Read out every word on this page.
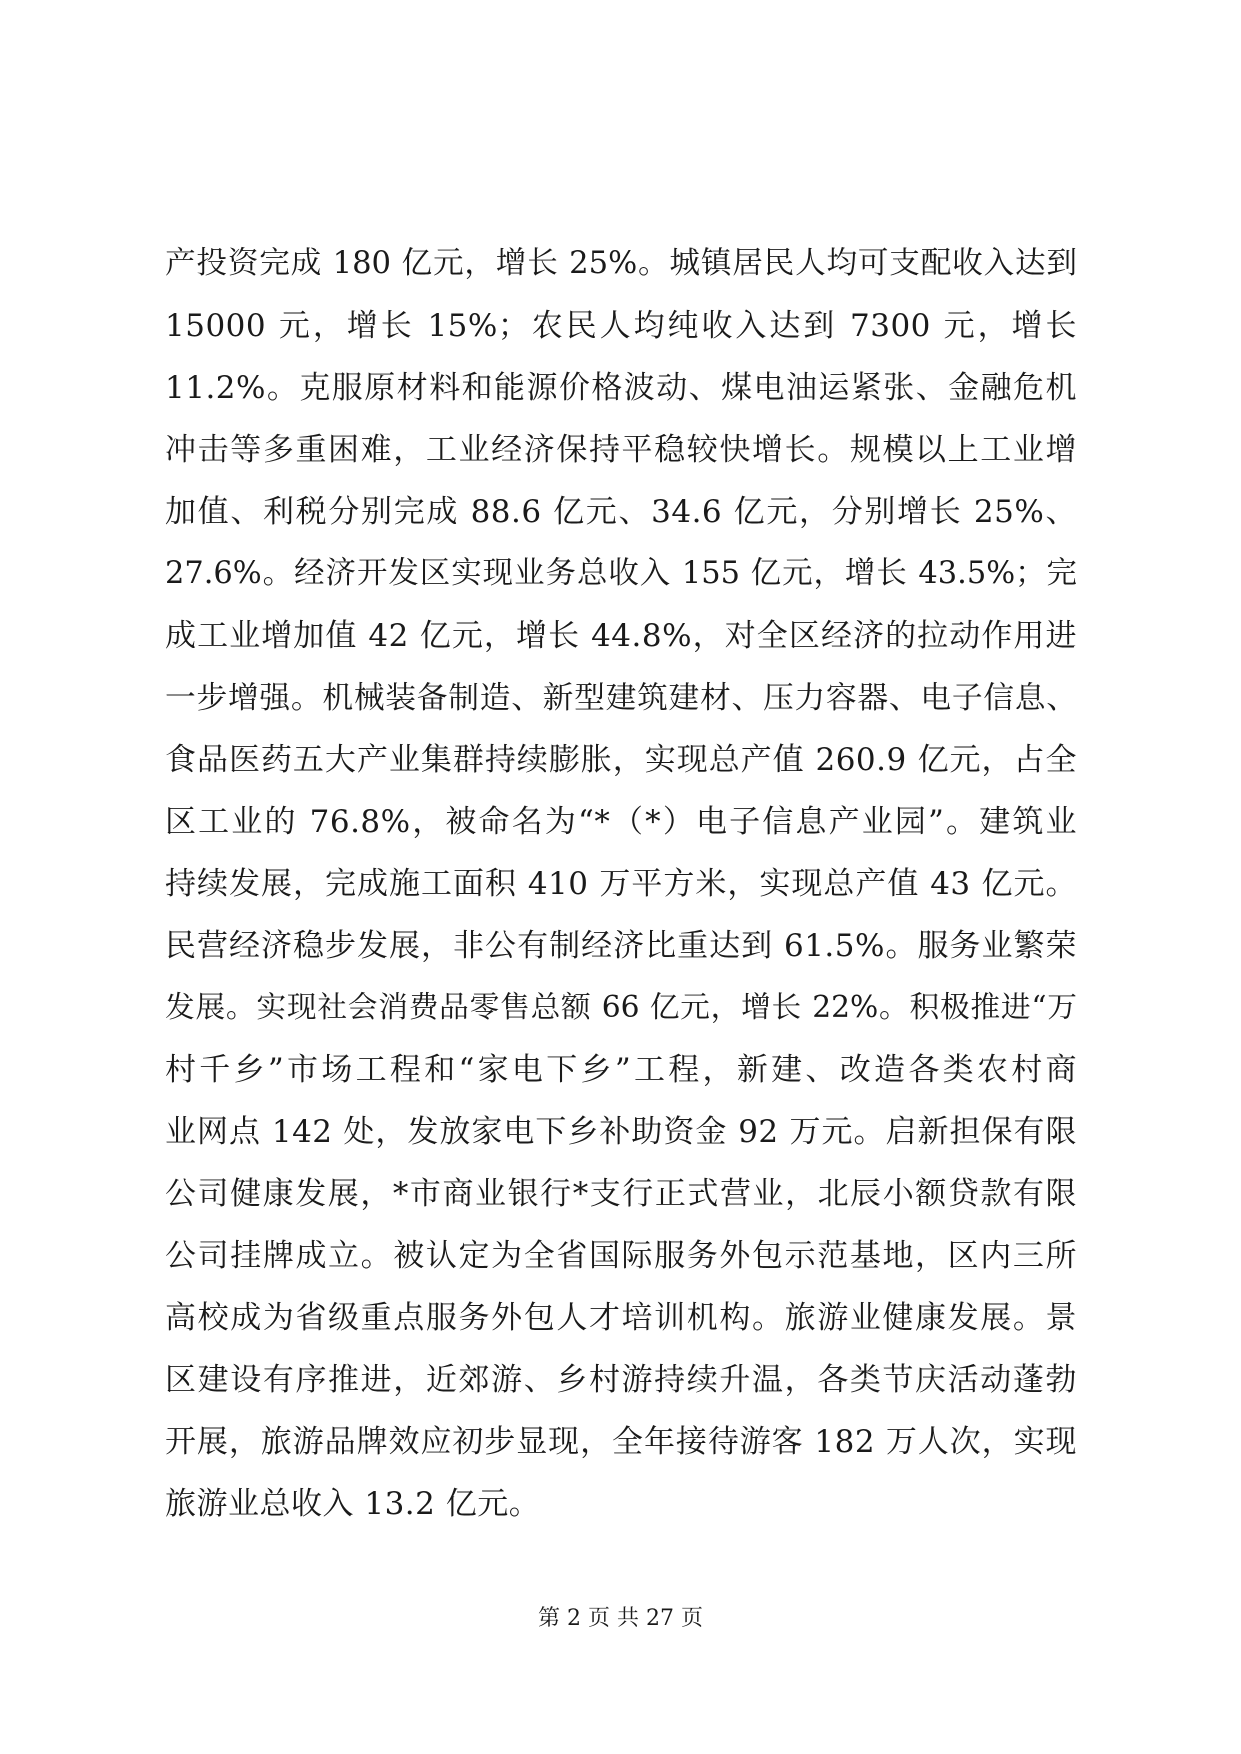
产投资完成 180 亿元，增长 25%。城镇居民人均可支配收入达到
15000 元，增长 15%；农民人均纯收入达到 7300 元，增长
11.2%。克服原材料和能源价格波动、煤电油运紧张、金融危机
冲击等多重困难，工业经济保持平稳较快增长。规模以上工业增
加值、利税分别完成 88.6 亿元、34.6 亿元，分别增长 25%、
27.6%。经济开发区实现业务总收入 155 亿元，增长 43.5%；完
成工业增加值 42 亿元，增长 44.8%，对全区经济的拉动作用进
一步增强。机械装备制造、新型建筑建材、压力容器、电子信息、
食品医药五大产业集群持续膨胀，实现总产值 260.9 亿元，占全
区工业的 76.8%，被命名为“*（*）电子信息产业园”。建筑业
持续发展，完成施工面积 410 万平方米，实现总产值 43 亿元。
民营经济稳步发展，非公有制经济比重达到 61.5%。服务业繁荣
发展。实现社会消费品零售总额 66 亿元，增长 22%。积极推进“万
村千乡”市场工程和“家电下乡”工程，新建、改造各类农村商
业网点 142 处，发放家电下乡补助资金 92 万元。启新担保有限
公司健康发展，*市商业银行*支行正式营业，北辰小额贷款有限
公司挂牌成立。被认定为全省国际服务外包示范基地，区内三所
高校成为省级重点服务外包人才培训机构。旅游业健康发展。景
区建设有序推进，近郊游、乡村游持续升温，各类节庆活动蓬勃
开展，旅游品牌效应初步显现，全年接待游客 182 万人次，实现
旅游业总收入 13.2 亿元。
第 2 页 共 27 页
